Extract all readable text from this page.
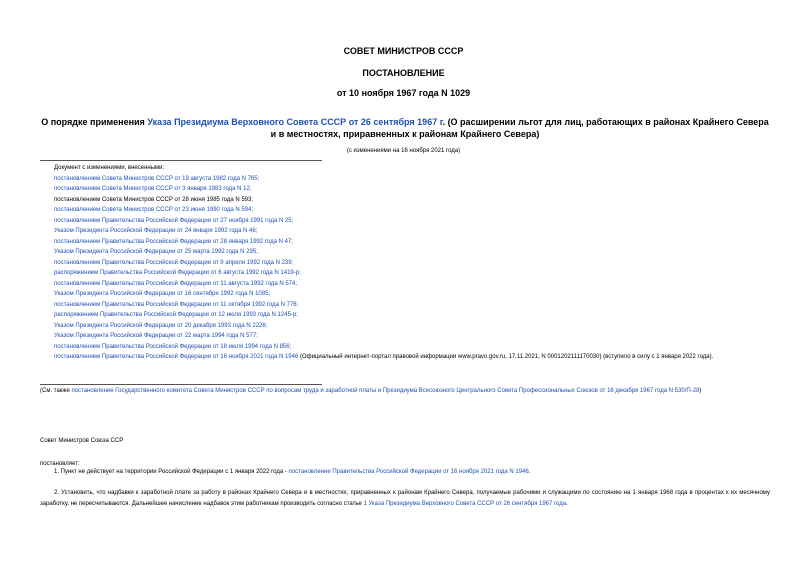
СОВЕТ МИНИСТРОВ СССР
ПОСТАНОВЛЕНИЕ
от 10 ноября 1967 года N 1029
О порядке применения Указа Президиума Верховного Совета СССР от 26 сентября 1967 г. (О расширении льгот для лиц, работающих в районах Крайнего Севера и в местностях, приравненных к районам Крайнего Севера)
(с изменениями на 16 ноября 2021 года)
Документ с изменениями, внесенными:
постановлением Совета Министров СССР от 19 августа 1982 года N 765;
постановлением Совета Министров СССР от 3 января 1983 года N 12;
постановлением Совета Министров СССР от 28 июня 1985 года N 593;
постановлением Совета Министров СССР от 23 июня 1990 года N 594;
постановлением Правительства Российской Федерации от 27 ноября 1991 года N 25;
Указом Президента Российской Федерации от 24 января 1992 года N 46;
постановлением Правительства Российской Федерации от 28 января 1992 года N 47;
Указом Президента Российской Федерации от 25 марта 1992 года N 295;
постановлением Правительства Российской Федерации от 9 апреля 1992 года N 239;
распоряжением Правительства Российской Федерации от 6 августа 1992 года N 1419-р;
постановлением Правительства Российской Федерации от 11 августа 1992 года N 574;
Указом Президента Российской Федерации от 16 сентября 1992 года N 1085;
постановлением Правительства Российской Федерации от 11 октября 1992 года N 776;
распоряжением Правительства Российской Федерации от 12 июля 1993 года N 1245-р;
Указом Президента Российской Федерации от 20 декабря 1993 года N 2226;
Указом Президента Российской Федерации от 22 марта 1994 года N 577;
постановлением Правительства Российской Федерации от 18 июля 1994 года N 856;
постановлением Правительства Российской Федерации от 16 ноября 2021 года N 1946 (Официальный интернет-портал правовой информации www.pravo.gov.ru, 17.11.2021, N 0001202111170030) (вступило в силу с 1 января 2022 года).
(См. также постановление Государственного комитета Совета Министров СССР по вопросам труда и заработной платы и Президиума Всесоюзного Центрального Совета Профессиональных Союзов от 16 декабря 1967 года N 530/П-28)
Совет Министров Союза ССР
постановляет:
1. Пункт не действует на территории Российской Федерации с 1 января 2022 года - постановление Правительства Российской Федерации от 16 ноября 2021 года N 1946.
2. Установить, что надбавки к заработной плате за работу в районах Крайнего Севера и в местностях, приравненных к районам Крайнего Севера, получаемые рабочими и служащими по состоянию на 1 января 1968 года в процентах к их месячному заработку, не пересчитываются. Дальнейшее начисление надбавок этим работникам производить согласно статье 1 Указа Президиума Верховного Совета СССР от 26 сентября 1967 года.
